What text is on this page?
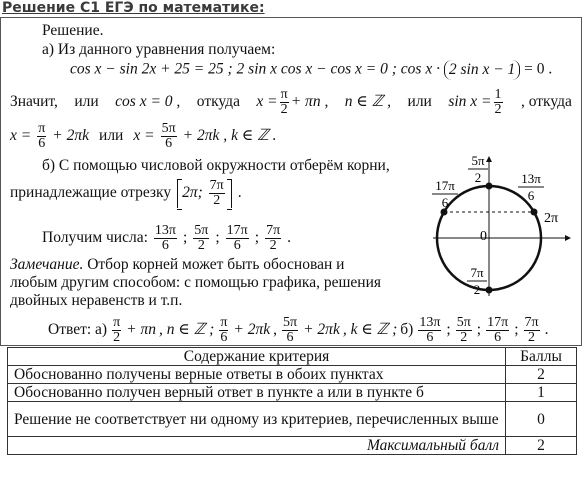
Решение С1 ЕГЭ по математике:
Решение.
а) Из данного уравнения получаем:
cos x − sin 2x + 25 = 25 ; 2 sin x cos x − cos x = 0 ; cos x · 2 sin x − 1 = 0 .
Значит, или cos x = 0 , откуда $x = \frac{\pi}{2} + \pi n$ , n ∈ ℤ , или $\sin x = \frac{1}{2}$ , откуда
$x = \frac{\pi}{6} + 2\pi k$ или $x = \frac{5\pi}{6} + 2\pi k$ , k ∈ ℤ .
б) С помощью числовой окружности отберём корни,
принадлежащие отрезку 2π; $\frac{7\pi}{2}$ .
Получим числа: $\frac{13\pi}{6}$ ; $\frac{5\pi}{2}$ ; $\frac{17\pi}{6}$ ; $\frac{7\pi}{2}$ .
Замечание. Отбор корней может быть обоснован и
любым другим способом: с помощью графика, решения
двойных неравенств и т.п.
Ответ: $а) \frac{\pi}{2} + \pi n$ , n ∈ ℤ ; $\frac{\pi}{6} + 2\pi k$ , $\frac{5\pi}{6} + 2\pi k$ , k ∈ ℤ ; $б) \frac{13\pi}{6}$ ; $\frac{5\pi}{2}$ ; $\frac{17\pi}{6}$ ; $\frac{7\pi}{2}$ .
5π
2
17π
6
13π
6
2π
0
7π
2
Содержание критерия	Баллы
Обоснованно получены верные ответы в обоих пунктах	2
Обоснованно получен верный ответ в пункте а или в пункте б	1
Решение не соответствует ни одному из критериев, перечисленных выше	0
Максимальный балл	2
